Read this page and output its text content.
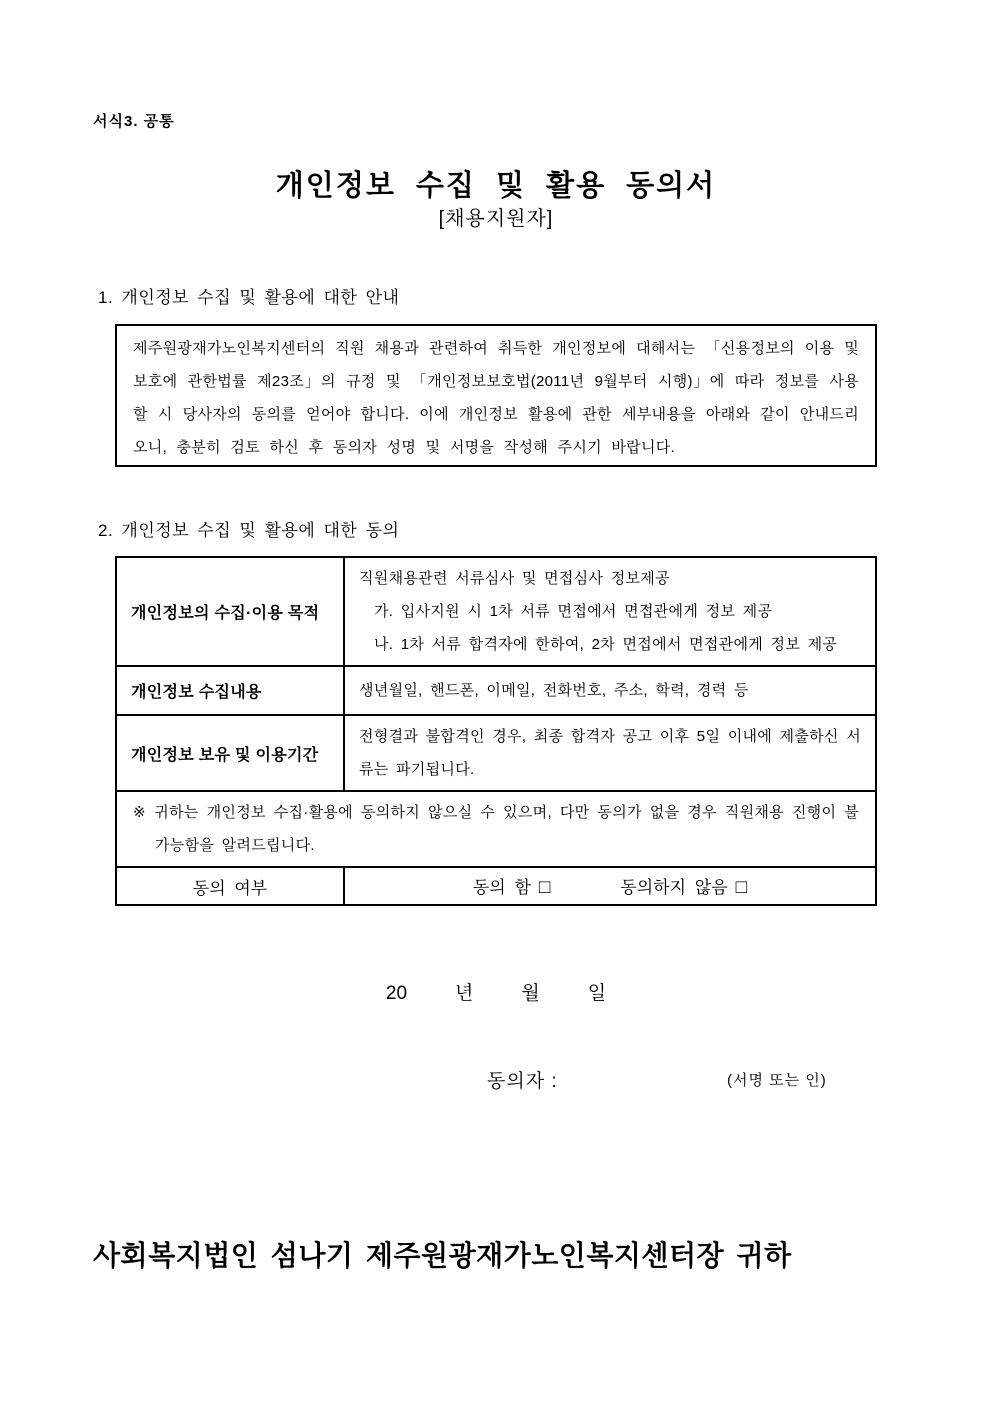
서식3. 공통
개인정보 수집 및 활용 동의서
[채용지원자]
1. 개인정보 수집 및 활용에 대한 안내

제주원광재가노인복지센터의 직원 채용과 관련하여 취득한 개인정보에 대해서는 「신용정보의 이용 및 보호에 관한법률 제23조」의 규정 및 「개인정보보호법(2011년 9월부터 시행)」에 따라 정보를 사용할 시 당사자의 동의를 얻어야 합니다. 이에 개인정보 활용에 관한 세부내용을 아래와 같이 안내드리오니, 충분히 검토 하신 후 동의자 성명 및 서명을 작성해 주시기 바랍니다.

2. 개인정보 수집 및 활용에 대한 동의
개인정보의 수집·이용 목적	직원채용관련 서류심사 및 면접심사 정보제공
가. 입사지원 시 1차 서류 면접에서 면접관에게 정보 제공
나. 1차 서류 합격자에 한하여, 2차 면접에서 면접관에게 정보 제공

개인정보 수집내용	생년월일, 핸드폰, 이메일, 전화번호, 주소, 학력, 경력 등
개인정보 보유 및 이용기간	전형결과 불합격인 경우, 최종 합격자 공고 이후 5일 이내에 제출하신 서류는 파기됩니다.

※ 귀하는 개인정보 수집·활용에 동의하지 않으실 수 있으며, 다만 동의가 없을 경우 직원채용 진행이 불가능함을 알려드립니다.	

동의 여부	동의 함 □	동의하지 않음 □
20	년	월	일
동의자 :	(서명 또는 인)
사회복지법인 섬나기 제주원광재가노인복지센터장 귀하
